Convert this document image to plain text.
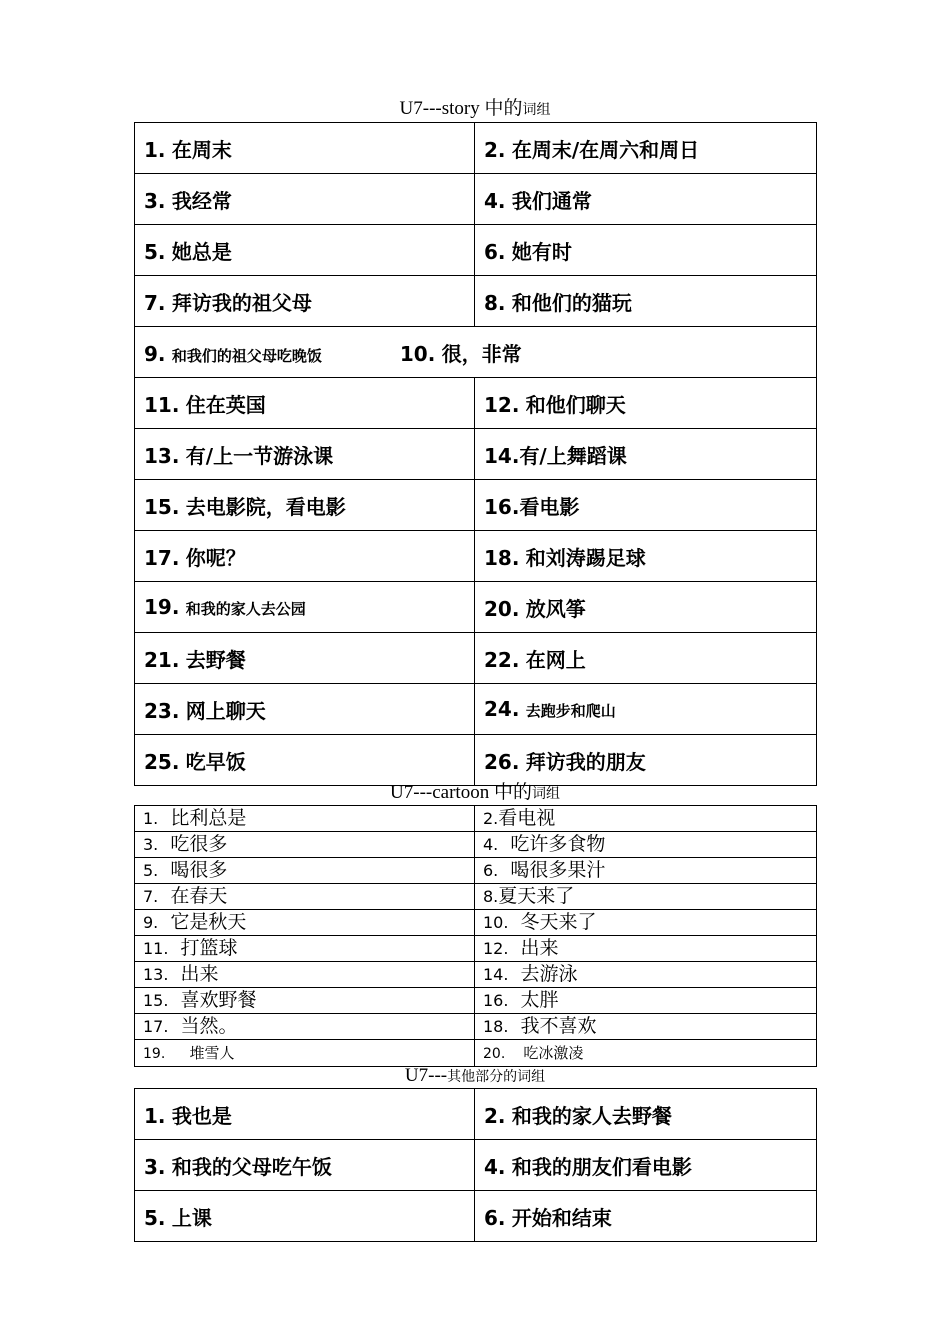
U7---story 中的词组
1. 在周末	2. 在周末/在周六和周日
3. 我经常	4. 我们通常
5. 她总是	6. 她有时
7. 拜访我的祖父母	8. 和他们的猫玩
9. 和我们的祖父母吃晚饭 10. 很，非常	
11. 住在英国	12. 和他们聊天
13. 有/上一节游泳课	14.有/上舞蹈课
15. 去电影院，看电影	16.看电影
17. 你呢？	18. 和刘涛踢足球
19. 和我的家人去公园	20. 放风筝
21. 去野餐	22. 在网上
23. 网上聊天	24. 去跑步和爬山
25. 吃早饭	26. 拜访我的朋友
U7---cartoon 中的词组
1. 比利总是	2.看电视
3. 吃很多	4. 吃许多食物
5. 喝很多	6. 喝很多果汁
7. 在春天	8.夏天来了
9. 它是秋天	10. 冬天来了
11. 打篮球	12. 出来
13. 出来	14. 去游泳
15. 喜欢野餐	16. 太胖
17. 当然。	18. 我不喜欢
19. 堆雪人	20. 吃冰激凌
U7---其他部分的词组
1. 我也是	2. 和我的家人去野餐
3. 和我的父母吃午饭	4. 和我的朋友们看电影
5. 上课	6. 开始和结束
